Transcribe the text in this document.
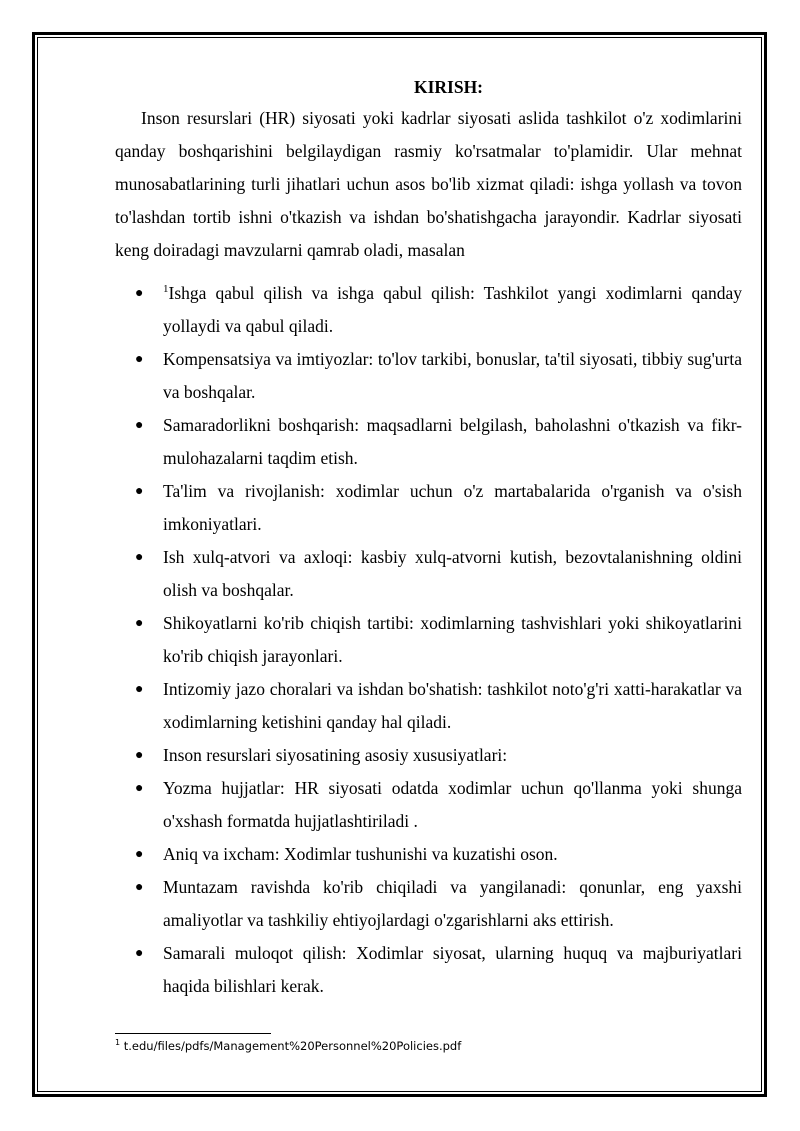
KIRISH:

Inson resurslari (HR) siyosati yoki kadrlar siyosati aslida tashkilot o'z xodimlarini qanday boshqarishini belgilaydigan rasmiy ko'rsatmalar to'plamidir. Ular mehnat munosabatlarining turli jihatlari uchun asos bo'lib xizmat qiladi: ishga yollash va tovon to'lashdan tortib ishni o'tkazish va ishdan bo'shatishgacha jarayondir. Kadrlar siyosati keng doiradagi mavzularni qamrab oladi, masalan

● $^1$Ishga qabul qilish va ishga qabul qilish: Tashkilot yangi xodimlarni qanday yollaydi va qabul qiladi.
● Kompensatsiya va imtiyozlar: to'lov tarkibi, bonuslar, ta'til siyosati, tibbiy sug'urta va boshqalar.
● Samaradorlikni boshqarish: maqsadlarni belgilash, baholashni o'tkazish va fikr-mulohazalarni taqdim etish.
● Ta'lim va rivojlanish: xodimlar uchun o'z martabalarida o'rganish va o'sish imkoniyatlari.
● Ish xulq-atvori va axloqi: kasbiy xulq-atvorni kutish, bezovtalanishning oldini olish va boshqalar.
● Shikoyatlarni ko'rib chiqish tartibi: xodimlarning tashvishlari yoki shikoyatlarini ko'rib chiqish jarayonlari.
● Intizomiy jazo choralari va ishdan bo'shatish: tashkilot noto'g'ri xatti-harakatlar va xodimlarning ketishini qanday hal qiladi.
● Inson resurslari siyosatining asosiy xususiyatlari:
● Yozma hujjatlar: HR siyosati odatda xodimlar uchun qo'llanma yoki shunga o'xshash formatda hujjatlashtiriladi .
● Aniq va ixcham: Xodimlar tushunishi va kuzatishi oson.
● Muntazam ravishda ko'rib chiqiladi va yangilanadi: qonunlar, eng yaxshi amaliyotlar va tashkiliy ehtiyojlardagi o'zgarishlarni aks ettirish.
● Samarali muloqot qilish: Xodimlar siyosat, ularning huquq va majburiyatlari haqida bilishlari kerak.
$^1$ t.edu/files/pdfs/Management%20Personnel%20Policies.pdf
